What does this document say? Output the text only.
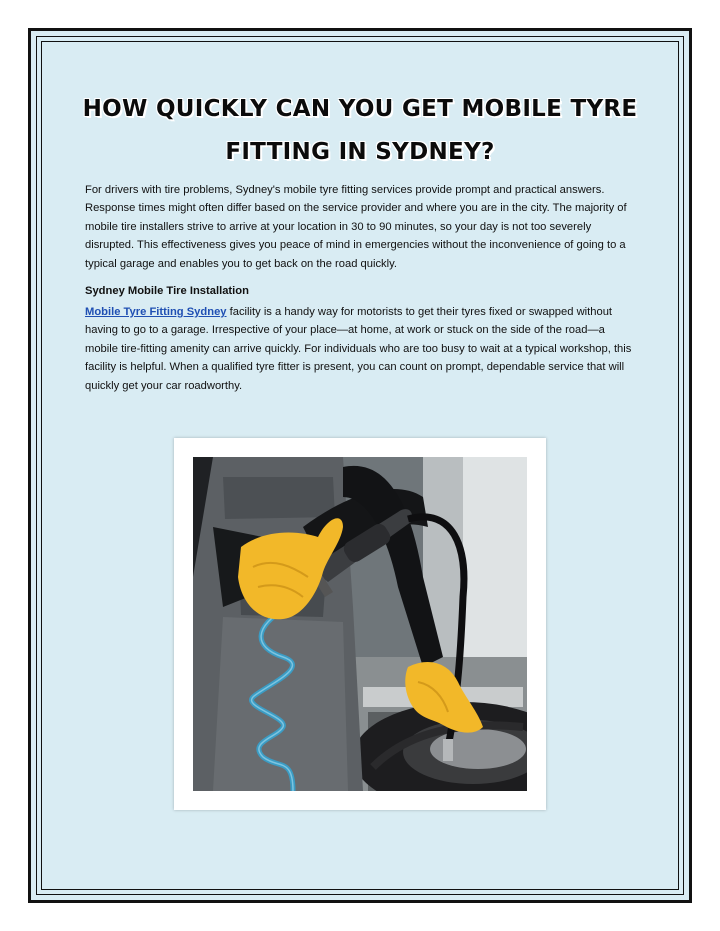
HOW QUICKLY CAN YOU GET MOBILE TYRE FITTING IN SYDNEY?

For drivers with tire problems, Sydney's mobile tyre fitting services provide prompt and practical answers. Response times might often differ based on the service provider and where you are in the city. The majority of mobile tire installers strive to arrive at your location in 30 to 90 minutes, so your day is not too severely disrupted. This effectiveness gives you peace of mind in emergencies without the inconvenience of going to a typical garage and enables you to get back on the road quickly.

Sydney Mobile Tire Installation

Mobile Tyre Fitting Sydney facility is a handy way for motorists to get their tyres fixed or swapped without having to go to a garage. Irrespective of your place—at home, at work or stuck on the side of the road—a mobile tire-fitting amenity can arrive quickly. For individuals who are too busy to wait at a typical workshop, this facility is helpful. When a qualified tyre fitter is present, you can count on prompt, dependable service that will quickly get your car roadworthy.
